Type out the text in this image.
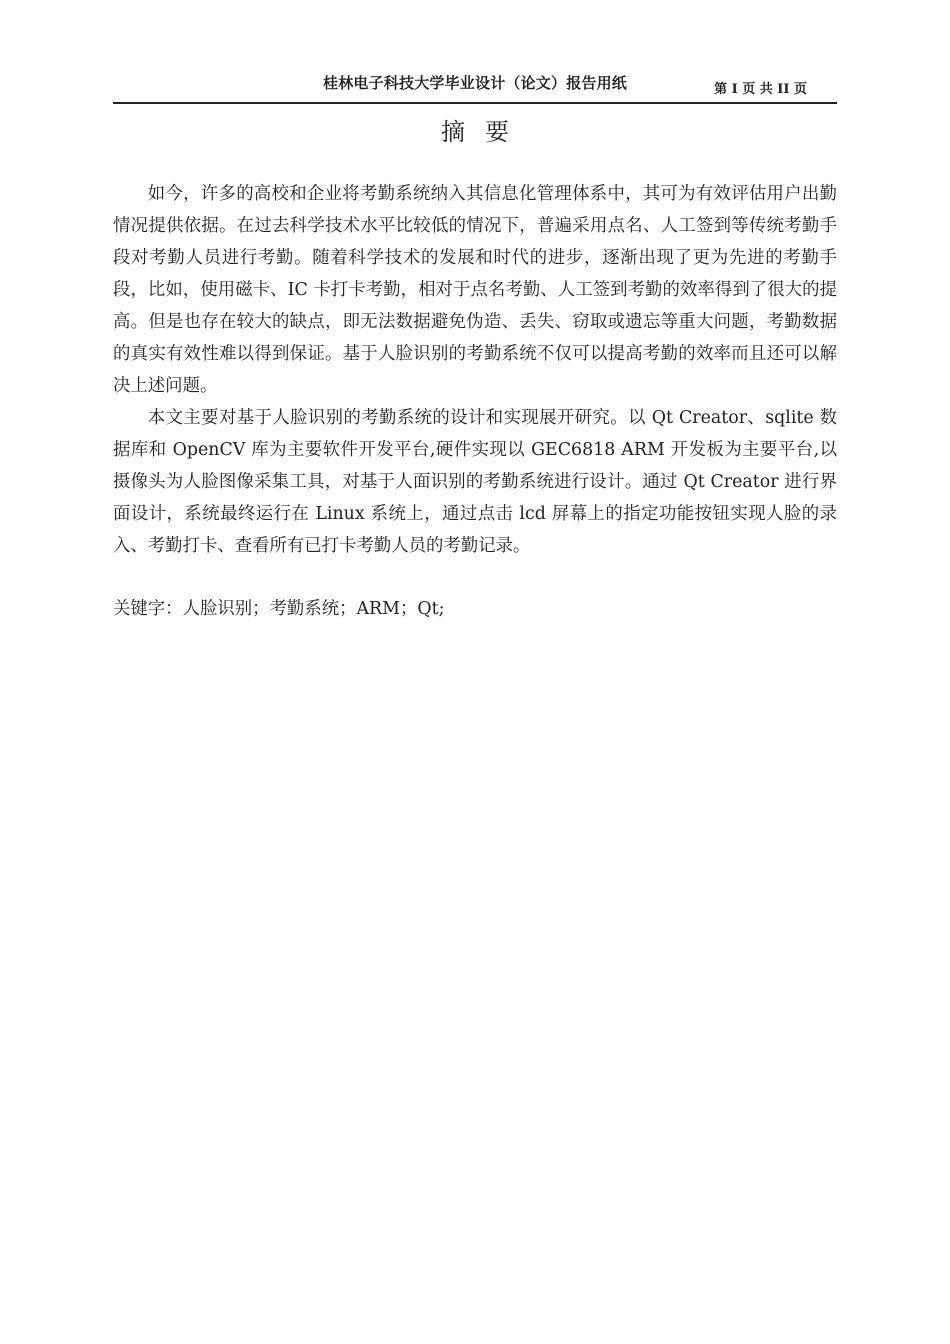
桂林电子科技大学毕业设计（论文）报告用纸	第 I 页 共 II 页
摘要

如今，许多的高校和企业将考勤系统纳入其信息化管理体系中，其可为有效评估用户出勤情况提供依据。在过去科学技术水平比较低的情况下，普遍采用点名、人工签到等传统考勤手段对考勤人员进行考勤。随着科学技术的发展和时代的进步，逐渐出现了更为先进的考勤手段，比如，使用磁卡、IC 卡打卡考勤，相对于点名考勤、人工签到考勤的效率得到了很大的提高。但是也存在较大的缺点，即无法数据避免伪造、丢失、窃取或遗忘等重大问题，考勤数据的真实有效性难以得到保证。基于人脸识别的考勤系统不仅可以提高考勤的效率而且还可以解决上述问题。

本文主要对基于人脸识别的考勤系统的设计和实现展开研究。以 Qt Creator、sqlite 数据库和 OpenCV 库为主要软件开发平台,硬件实现以 GEC6818 ARM 开发板为主要平台,以摄像头为人脸图像采集工具，对基于人面识别的考勤系统进行设计。通过 Qt Creator 进行界面设计，系统最终运行在 Linux 系统上，通过点击 lcd 屏幕上的指定功能按钮实现人脸的录入、考勤打卡、查看所有已打卡考勤人员的考勤记录。

关键字：人脸识别；考勤系统；ARM；Qt;
